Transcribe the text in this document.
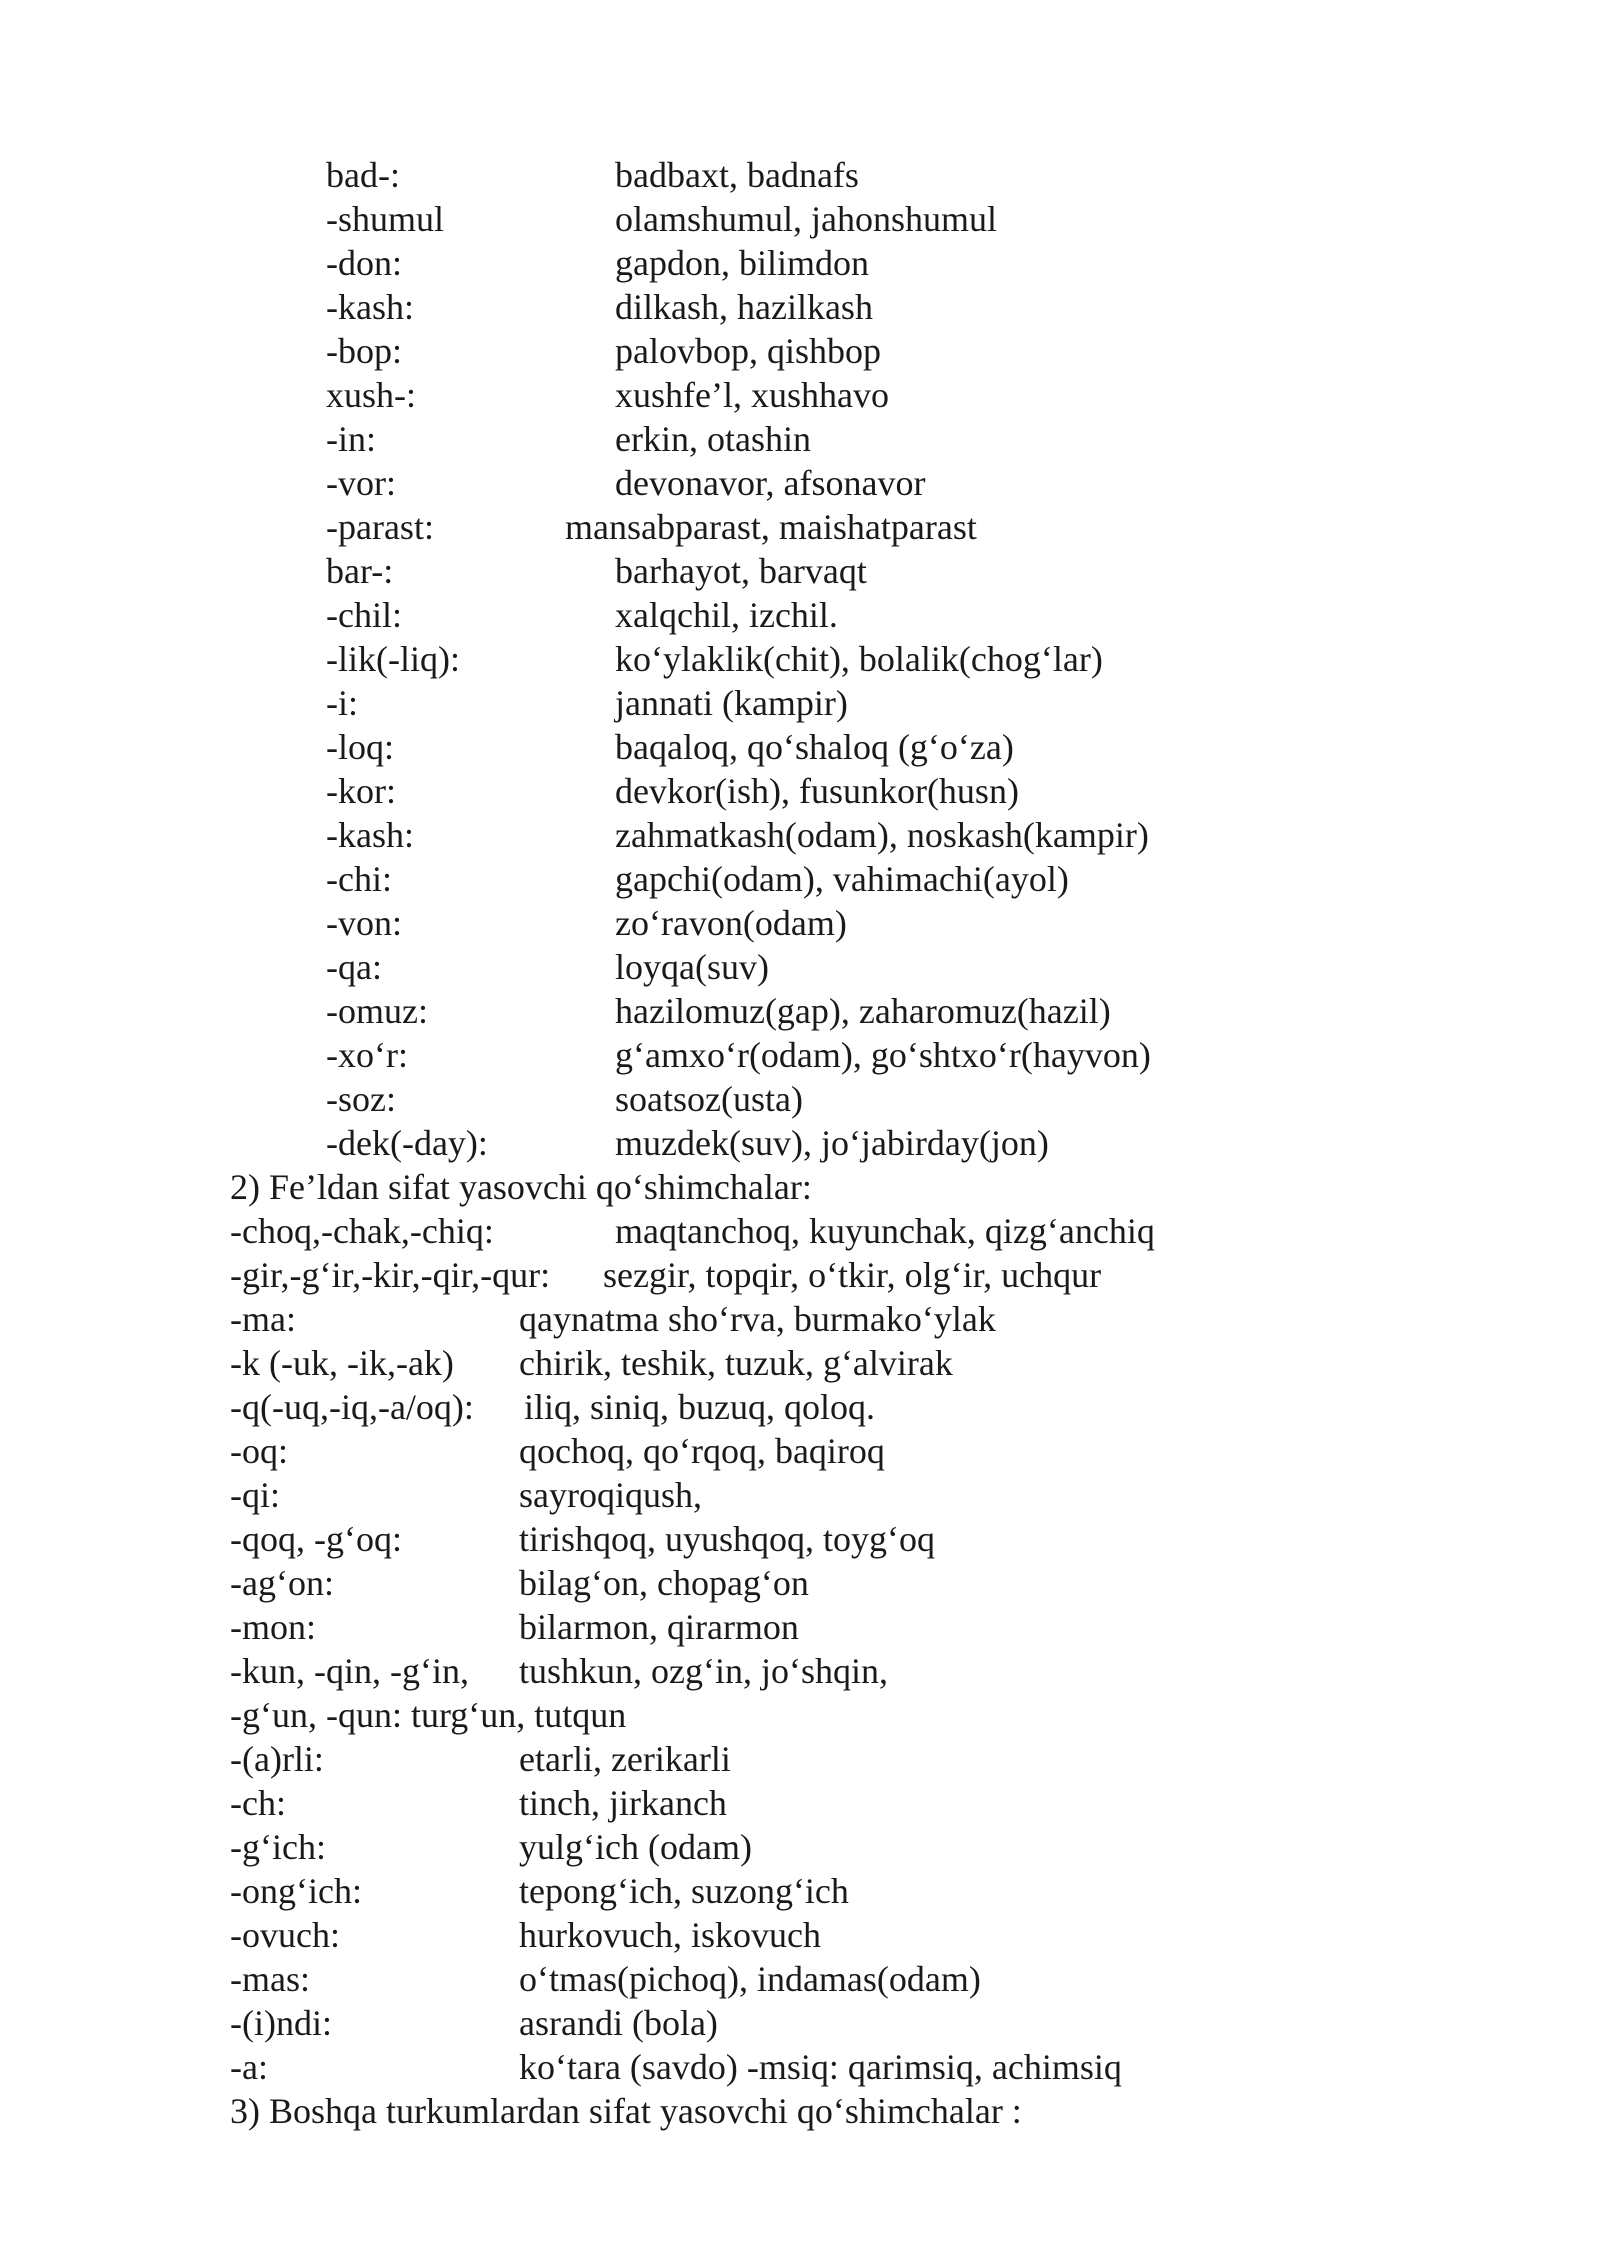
bad-:	badbaxt, badnafs
-shumul	olamshumul, jahonshumul
-don:	gapdon, bilimdon
-kash:	dilkash, hazilkash
-bop:	palovbop, qishbop
xush-:	xushfe’l, xushhavo
-in:	erkin, otashin
-vor:	devonavor, afsonavor
-parast:	mansabparast, maishatparast
bar-:	barhayot, barvaqt
-chil:	xalqchil, izchil.
-lik(-liq):	ko‘ylaklik(chit), bolalik(chog‘lar)
-i:	jannati (kampir)
-loq:	baqaloq, qo‘shaloq (g‘o‘za)
-kor:	devkor(ish), fusunkor(husn)
-kash:	zahmatkash(odam), noskash(kampir)
-chi:	gapchi(odam), vahimachi(ayol)
-von:	zo‘ravon(odam)
-qa:	loyqa(suv)
-omuz:	hazilomuz(gap), zaharomuz(hazil)
-xo‘r:	g‘amxo‘r(odam), go‘shtxo‘r(hayvon)
-soz:	soatsoz(usta)
-dek(-day):	muzdek(suv), jo‘jabirday(jon)
2) Fe’ldan sifat yasovchi qo‘shimchalar:
-choq,-chak,-chiq:	maqtanchoq, kuyunchak, qizg‘anchiq
-gir,-g‘ir,-kir,-qir,-qur: sezgir, topqir, o‘tkir, olg‘ir, uchqur
-ma:	qaynatma sho‘rva, burmako‘ylak
-k (-uk, -ik,-ak) chirik, teshik, tuzuk, g‘alvirak
-q(-uq,-iq,-a/oq): iliq, siniq, buzuq, qoloq.
-oq:	qochoq, qo‘rqoq, baqiroq
-qi:	sayroqiqush,
-qoq, -g‘oq:	tirishqoq, uyushqoq, toyg‘oq
-ag‘on:	bilag‘on, chopag‘on
-mon:	bilarmon, qirarmon
-kun, -qin, -g‘in, tushkun, ozg‘in, jo‘shqin,
-g‘un, -qun: turg‘un, tutqun
-(a)rli:	etarli, zerikarli
-ch:	tinch, jirkanch
-g‘ich:	yulg‘ich (odam)
-ong‘ich:	tepong‘ich, suzong‘ich
-ovuch:	hurkovuch, iskovuch
-mas:	o‘tmas(pichoq), indamas(odam)
-(i)ndi:	asrandi (bola)
-a:	ko‘tara (savdo) -msiq: qarimsiq, achimsiq
3) Boshqa turkumlardan sifat yasovchi qo‘shimchalar :
